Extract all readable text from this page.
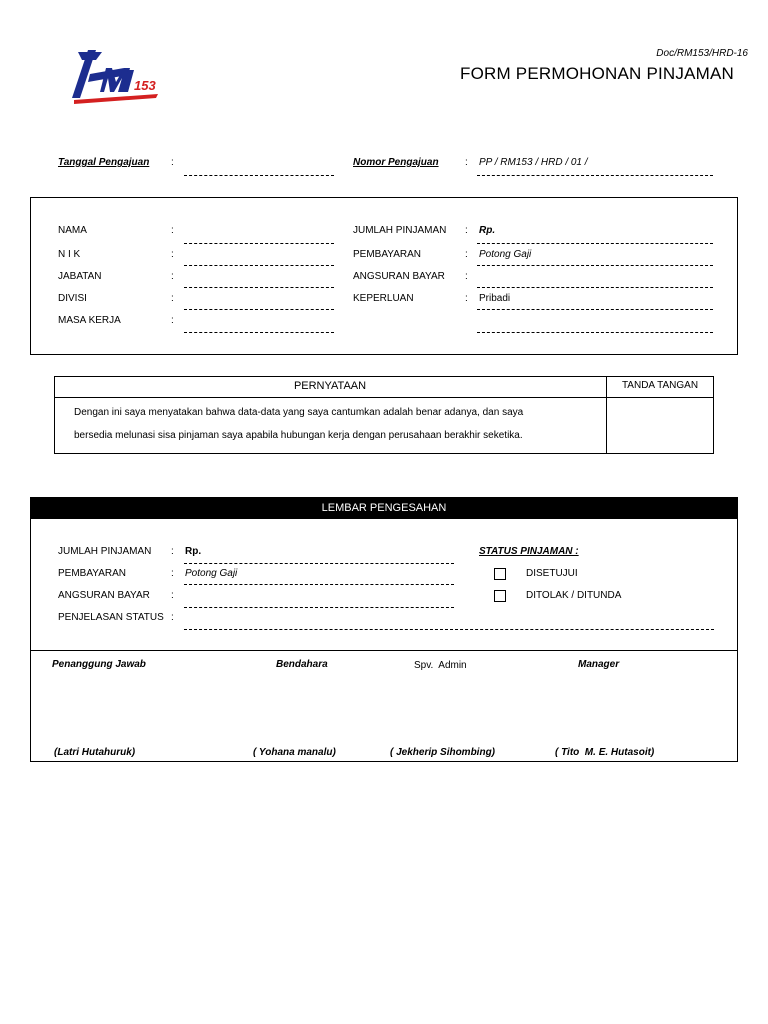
153
Doc/RM153/HRD-16
FORM PERMOHONAN PINJAMAN
Tanggal Pengajuan :	Nomor Pengajuan	: PP / RM153 / HRD / 01 /
NAMA	:
N I K	:
JABATAN	:
DIVISI	:
MASA KERJA	:
JUMLAH PINJAMAN : Rp.
PEMBAYARAN	: Potong Gaji
ANGSURAN BAYAR :
KEPERLUAN	: Pribadi
PERNYATAAN	TANDA TANGAN
Dengan ini saya menyatakan bahwa data-data yang saya cantumkan adalah benar adanya, dan saya
bersedia melunasi sisa pinjaman saya apabila hubungan kerja dengan perusahaan berakhir seketika.
LEMBAR PENGESAHAN
JUMLAH PINJAMAN : Rp.
PEMBAYARAN	: Potong Gaji
ANGSURAN BAYAR :
PENJELASAN STATUS :
STATUS PINJAMAN :
DISETUJUI
DITOLAK / DITUNDA
Penanggung Jawab	Bendahara	Spv.  Admin	Manager
(Latri Hutahuruk)	( Yohana manalu)	( Jekherip Sihombing)	( Tito  M. E. Hutasoit)
